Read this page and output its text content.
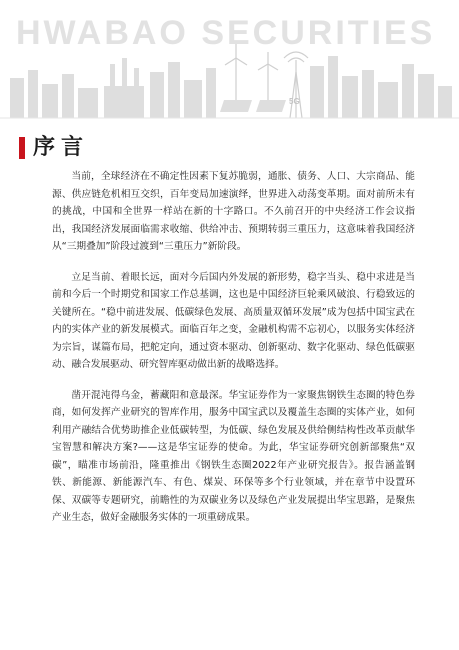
HWABAO SECURITIES
5G
序言

当前，全球经济在不确定性因素下复苏脆弱，通胀、债务、人口、大宗商品、能源、供应链危机相互交织，百年变局加速演绎，世界进入动荡变革期。面对前所未有的挑战，中国和全世界一样站在新的十字路口。不久前召开的中央经济工作会议指出，我国经济发展面临需求收缩、供给冲击、预期转弱三重压力，这意味着我国经济从“三期叠加”阶段过渡到“三重压力”新阶段。

立足当前、着眼长远，面对今后国内外发展的新形势，稳字当头、稳中求进是当前和今后一个时期党和国家工作总基调，这也是中国经济巨轮乘风破浪、行稳致远的关键所在。“稳中前进发展、低碳绿色发展、高质量双循环发展”成为包括中国宝武在内的实体产业的新发展模式。面临百年之变，金融机构需不忘初心，以服务实体经济为宗旨，谋篇布局，把舵定向，通过资本驱动、创新驱动、数字化驱动、绿色低碳驱动、融合发展驱动、研究智库驱动做出新的战略选择。

凿开混沌得乌金，蓄藏阳和意最深。华宝证券作为一家聚焦钢铁生态圈的特色券商，如何发挥产业研究的智库作用，服务中国宝武以及覆盖生态圈的实体产业，如何利用产融结合优势助推企业低碳转型，为低碳、绿色发展及供给侧结构性改革贡献华宝智慧和解决方案?——这是华宝证券的使命。为此，华宝证券研究创新部聚焦“双碳”，瞄准市场前沿，隆重推出《钢铁生态圈2022年产业研究报告》。报告涵盖钢铁、新能源、新能源汽车、有色、煤炭、环保等多个行业领域，并在章节中设置环保、双碳等专题研究，前瞻性的为双碳业务以及绿色产业发展提出华宝思路，是聚焦产业生态，做好金融服务实体的一项重磅成果。
